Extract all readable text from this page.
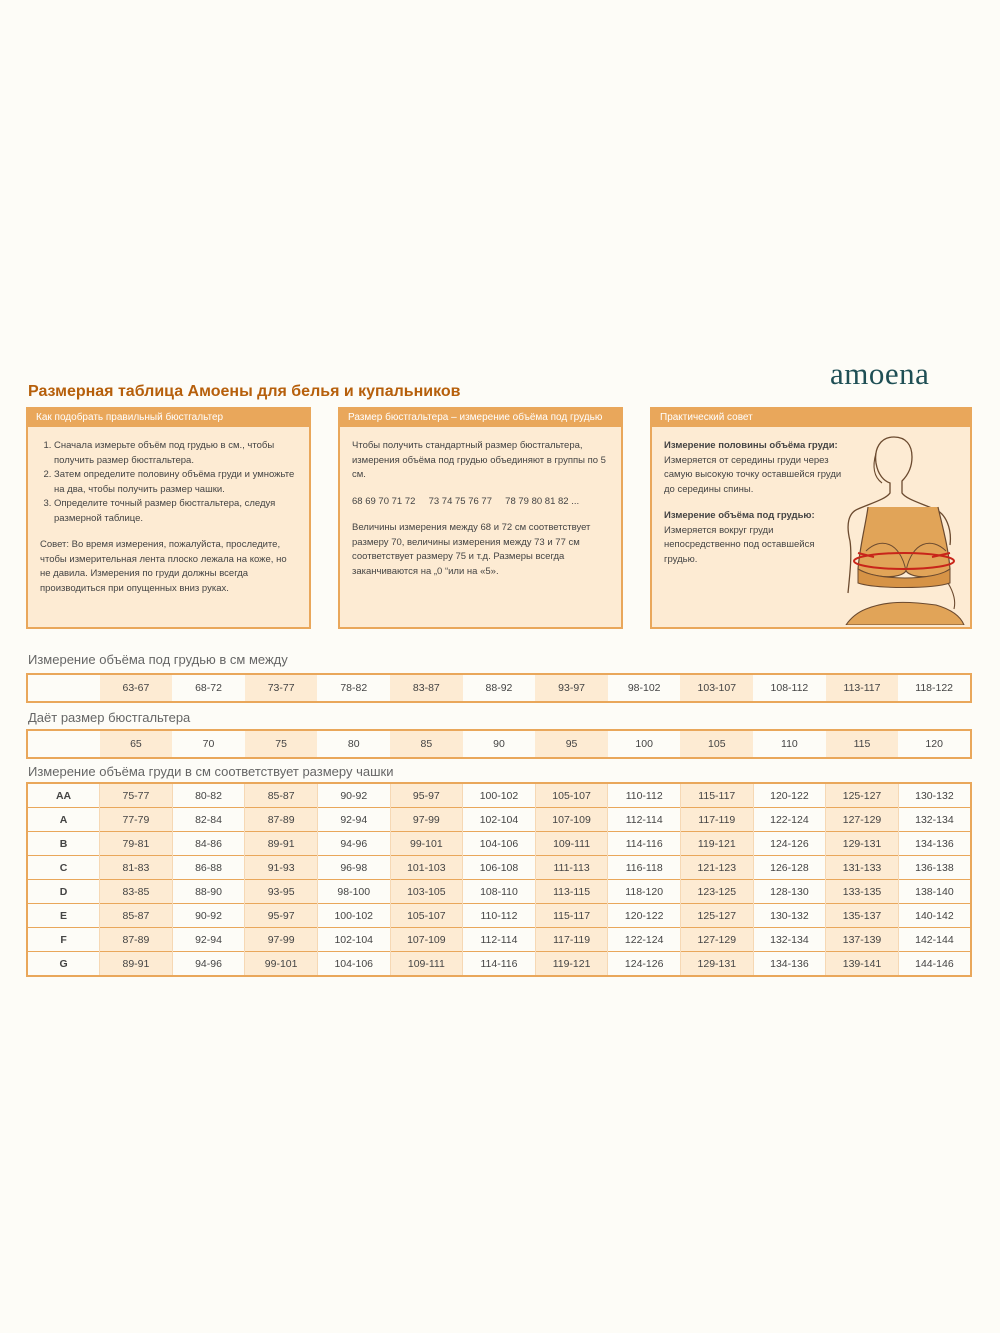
amoena
Размерная таблица Амоены для белья и купальников
Как подобрать правильный бюстгальтер
1. Сначала измерьте объём под грудью в см., чтобы получить размер бюстгальтера.
2. Затем определите половину объёма груди и умножьте на два, чтобы получить размер чашки.
3. Определите точный размер бюстгальтера, следуя размерной таблице.

Совет: Во время измерения, пожалуйста, проследите, чтобы измерительная лента плоско лежала на коже, но не давила. Измерения по груди должны всегда производиться при опущенных вниз руках.

Размер бюстгальтера – измерение объёма под грудью

Чтобы получить стандартный размер бюстгальтера, измерения объёма под грудью объединяют в группы по 5 см.

68 69 70 71 72     73 74 75 76 77     78 79 80 81 82 ...

Величины измерения между 68 и 72 см соответствует размеру 70, величины измерения между 73 и 77 см соответствует размеру 75 и т.д. Размеры всегда заканчиваются на „0 “или на «5».

Практический совет

Измерение половины объёма груди:

Измеряется от середины груди через самую высокую точку оставшейся груди до середины спины.

Измерение объёма под грудью:

Измеряется вокруг груди непосредственно под оставшейся грудью.

Измерение объёма под грудью в см между
	63-67	68-72	73-77	78-82	83-87	88-92	93-97	98-102	103-107	108-112	113-117	118-122
Даёт размер бюстгальтера
	65	70	75	80	85	90	95	100	105	110	115	120
Измерение объёма груди в см соответствует размеру чашки
AA	75-77	80-82	85-87	90-92	95-97	100-102	105-107	110-112	115-117	120-122	125-127	130-132
A	77-79	82-84	87-89	92-94	97-99	102-104	107-109	112-114	117-119	122-124	127-129	132-134
B	79-81	84-86	89-91	94-96	99-101	104-106	109-111	114-116	119-121	124-126	129-131	134-136
C	81-83	86-88	91-93	96-98	101-103	106-108	111-113	116-118	121-123	126-128	131-133	136-138
D	83-85	88-90	93-95	98-100	103-105	108-110	113-115	118-120	123-125	128-130	133-135	138-140
E	85-87	90-92	95-97	100-102	105-107	110-112	115-117	120-122	125-127	130-132	135-137	140-142
F	87-89	92-94	97-99	102-104	107-109	112-114	117-119	122-124	127-129	132-134	137-139	142-144
G	89-91	94-96	99-101	104-106	109-111	114-116	119-121	124-126	129-131	134-136	139-141	144-146
